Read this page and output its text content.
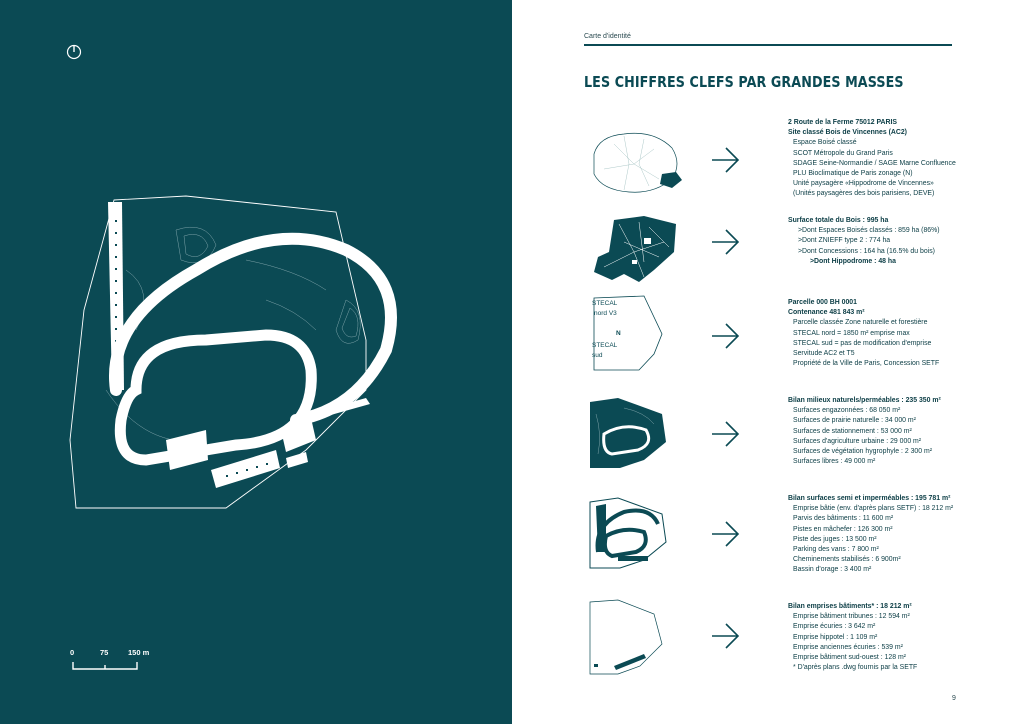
0	75	150 m
Carte d'identité
LES CHIFFRES CLEFS PAR GRANDES MASSES
2 Route de la Ferme 75012 PARIS
Site classé Bois de Vincennes (AC2)
Espace Boisé classé
SCOT Métropole du Grand Paris
SDAGE Seine-Normandie / SAGE Marne Confluence
PLU Bioclimatique de Paris zonage (N)
Unité paysagère «Hippodrome de Vincennes»
(Unités paysagères des bois parisiens, DEVE)
Surface totale du Bois : 995 ha
>Dont Espaces Boisés classés : 859 ha (86%)
>Dont ZNIEFF type 2 : 774 ha
>Dont Concessions : 164 ha (16.5% du bois)
>Dont Hippodrome : 48 ha
STECAL
nord V3
N
STECAL
sud
Parcelle 000 BH 0001
Contenance 481 843 m²
Parcelle classée Zone naturelle et forestière
STECAL nord = 1850 m² emprise max
STECAL sud = pas de modification d'emprise
Servitude AC2 et T5
Propriété de la Ville de Paris, Concession SETF
Bilan milieux naturels/perméables : 235 350 m²
Surfaces engazonnées : 68 050 m²
Surfaces de prairie naturelle : 34 000 m²
Surfaces de stationnement : 53 000 m²
Surfaces d'agriculture urbaine : 29 000 m²
Surfaces de végétation hygrophyle : 2 300 m²
Surfaces libres : 49 000 m²
Bilan surfaces semi et imperméables : 195 781 m²
Emprise bâtie (env. d'après plans SETF) : 18 212 m²
Parvis des bâtiments : 11 600 m²
Pistes en mâchefer : 126 300 m²
Piste des juges : 13 500 m²
Parking des vans : 7 800 m²
Cheminements stabilisés : 6 900m²
Bassin d'orage : 3 400 m²
Bilan emprises bâtiments* : 18 212 m²
Emprise bâtiment tribunes : 12 594 m²
Emprise écuries : 3 642 m²
Emprise hippotel : 1 109 m²
Emprise anciennes écuries : 539 m²
Emprise bâtiment sud-ouest : 128 m²
* D'après plans .dwg fournis par la SETF
9
